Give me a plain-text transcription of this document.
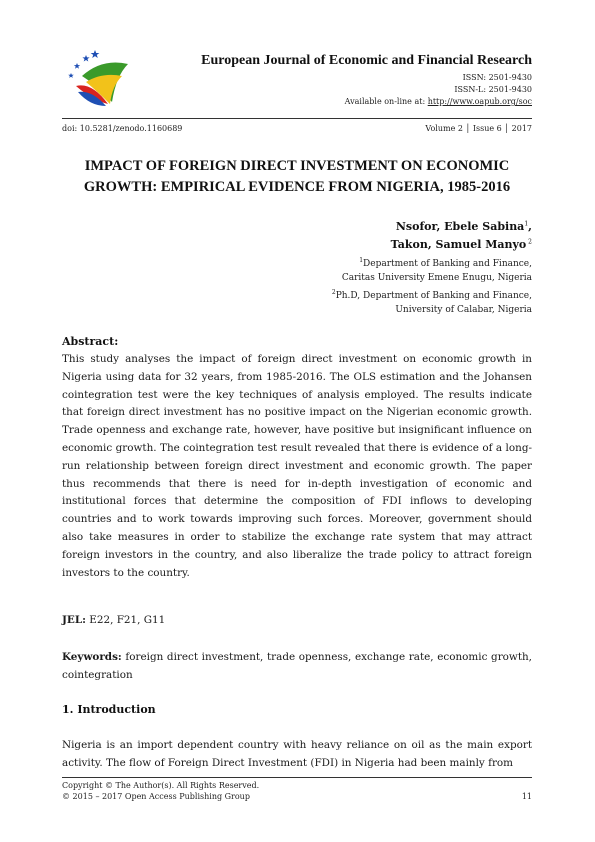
European Journal of Economic and Financial Research
ISSN: 2501-9430
ISSN-L: 2501-9430
Available on-line at: http://www.oapub.org/soc
doi: 10.5281/zenodo.1160689	Volume 2 │ Issue 6 │ 2017
IMPACT OF FOREIGN DIRECT INVESTMENT ON ECONOMIC
GROWTH: EMPIRICAL EVIDENCE FROM NIGERIA, 1985-2016
Nsofor, Ebele Sabina$^1$,
Takon, Samuel Manyo $^2$
$^1$Department of Banking and Finance,
Caritas University Emene Enugu, Nigeria
$^2$Ph.D, Department of Banking and Finance,
University of Calabar, Nigeria
Abstract:
This study analyses the impact of foreign direct investment on economic growth in Nigeria using data for 32 years, from 1985-2016. The OLS estimation and the Johansen cointegration test were the key techniques of analysis employed. The results indicate that foreign direct investment has no positive impact on the Nigerian economic growth. Trade openness and exchange rate, however, have positive but insignificant influence on economic growth. The cointegration test result revealed that there is evidence of a long-run relationship between foreign direct investment and economic growth. The paper thus recommends that there is need for in-depth investigation of economic and institutional forces that determine the composition of FDI inflows to developing countries and to work towards improving such forces. Moreover, government should also take measures in order to stabilize the exchange rate system that may attract foreign investors in the country, and also liberalize the trade policy to attract foreign investors to the country.
JEL: E22, F21, G11
Keywords: foreign direct investment, trade openness, exchange rate, economic growth, cointegration
1. Introduction
Nigeria is an import dependent country with heavy reliance on oil as the main export activity. The flow of Foreign Direct Investment (FDI) in Nigeria had been mainly from
Copyright © The Author(s). All Rights Reserved.
© 2015 – 2017 Open Access Publishing Group	11
